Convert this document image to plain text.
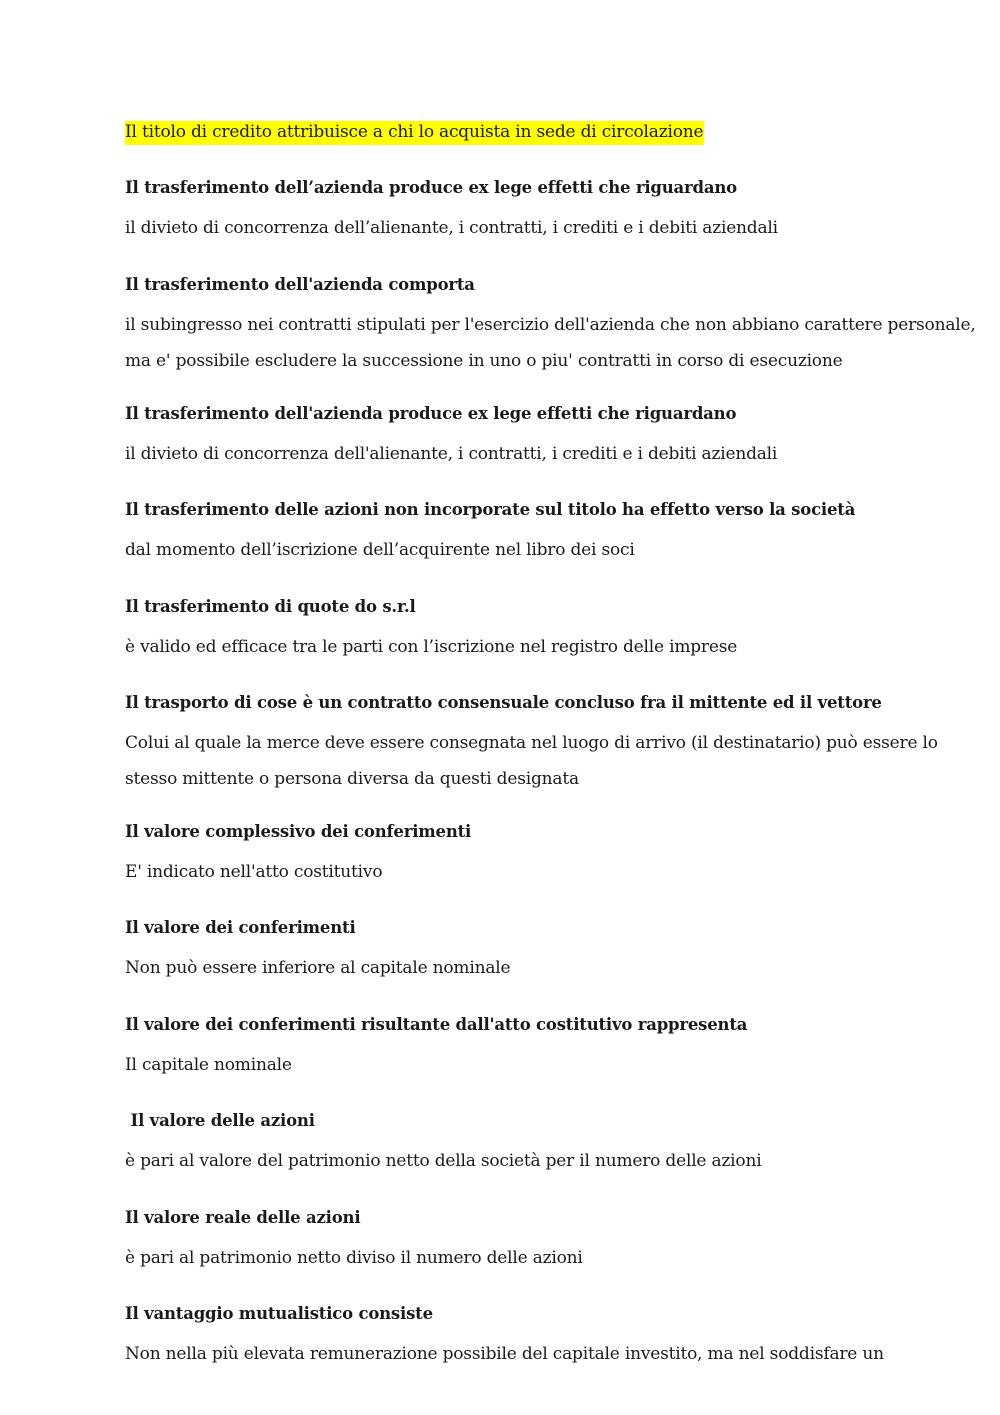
Il titolo di credito attribuisce a chi lo acquista in sede di circolazione
Il trasferimento dell’azienda produce ex lege effetti che riguardano
il divieto di concorrenza dell’alienante, i contratti, i crediti e i debiti aziendali
Il trasferimento dell'azienda comporta
il subingresso nei contratti stipulati per l'esercizio dell'azienda che non abbiano carattere personale,
ma e' possibile escludere la successione in uno o piu' contratti in corso di esecuzione
Il trasferimento dell'azienda produce ex lege effetti che riguardano
il divieto di concorrenza dell'alienante, i contratti, i crediti e i debiti aziendali
Il trasferimento delle azioni non incorporate sul titolo ha effetto verso la società
dal momento dell’iscrizione dell’acquirente nel libro dei soci
Il trasferimento di quote do s.r.l
è valido ed efficace tra le parti con l’iscrizione nel registro delle imprese
Il trasporto di cose è un contratto consensuale concluso fra il mittente ed il vettore
Colui al quale la merce deve essere consegnata nel luogo di arrivo (il destinatario) può essere lo
stesso mittente o persona diversa da questi designata
Il valore complessivo dei conferimenti
E' indicato nell'atto costitutivo
Il valore dei conferimenti
Non può essere inferiore al capitale nominale
Il valore dei conferimenti risultante dall'atto costitutivo rappresenta
Il capitale nominale
Il valore delle azioni
è pari al valore del patrimonio netto della società per il numero delle azioni
Il valore reale delle azioni
è pari al patrimonio netto diviso il numero delle azioni
Il vantaggio mutualistico consiste
Non nella più elevata remunerazione possibile del capitale investito, ma nel soddisfare un
